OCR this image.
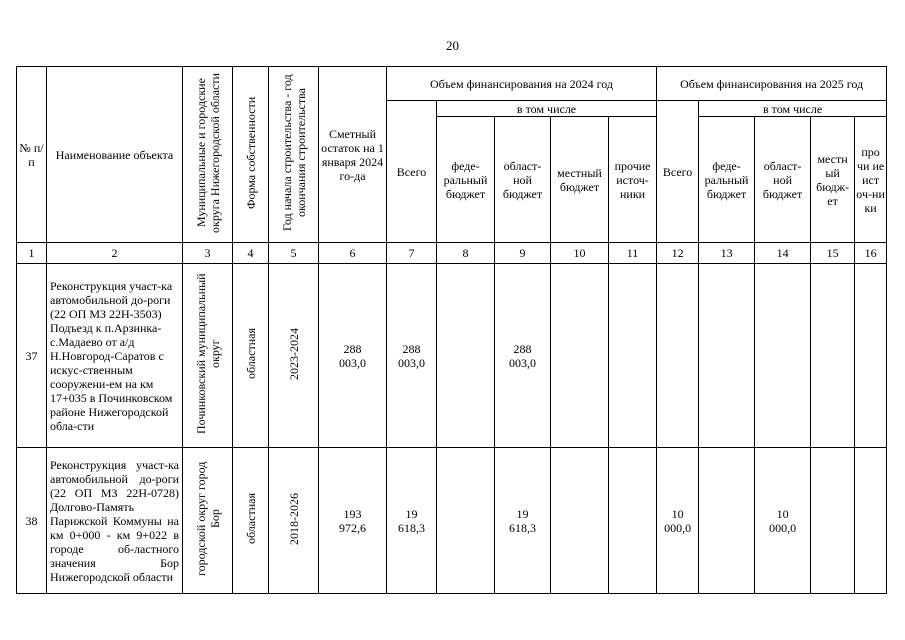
20
№ п/п	Наименование объекта	Муниципальные и городские округа Нижегородской области	Форма собственности	Год начала строительства - год окончания строительства	Сметный остаток на 1 января 2024 го-да	Объем финансирования на 2024 год					Объем финансирования на 2025 год				
						Всего	в том числе				Всего	в том числе			
							феде-ральный бюджет	област-ной бюджет	местный бюджет	прочие источ-ники		феде-ральный бюджет	област-ной бюджет	местн ый бюдж-ет	про чи ие ист оч-ни ки
1	2	3	4	5	6	7	8	9	10	11	12	13	14	15	16
37	Реконструкция участ-ка автомобильной до-роги (22 ОП МЗ 22Н-3503) Подъезд к п.Арзинка-с.Мадаево от а/д Н.Новгород-Саратов с искус-ственным сооружени-ем на км 17+035 в Починковском районе Нижегородской обла-сти	Починковский муниципальный округ	областная	2023-2024	288 003,0	288 003,0		288 003,0							

38	Реконструкция участ-ка автомобильной до-роги (22 ОП МЗ 22Н-0728) Долгово-Память Парижской Коммуны на км 0+000 - км 9+022 в городе об-ластного значения Бор Нижегородской области	городской округ город Бор	областная	2018-2026	193 972,6	19 618,3		19 618,3			10 000,0		10 000,0		
